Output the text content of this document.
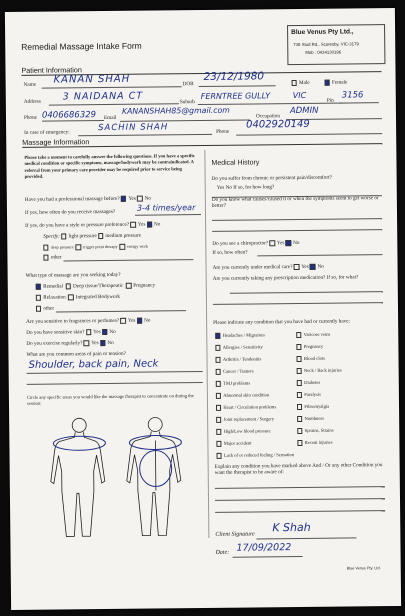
Remedial Massage Intake Form
Blue Venus Pty Ltd.,
735 Stud Rd., Scoresby, VIC-3179
Mob : 0434130196
Patient Information
Name KANAN SHAH	DOB
23/12/1980	Male	Female
Address 3 NAIDANA CT	Suburb
FERNTREE GULLY	VIC
Pin
3156
Phone 0406686329 Email
KANANSHAH85@gmail.com
Occupation
ADMIN
In case of emergency:	SACHIN SHAH	Phone
0402920149
Massage Information
Please take a moment to carefully answer the following questions. If you have a specific medical condition or specific symptoms, massage/bodywork may be contraindicated. A referral from your primary care provider may be required prior to service being provided.
Have you had a professional massage before? Yes No
If yes, how often do you receive massages?	3-4 times/year
If yes, do you have a style or pressure preference? Yes No
Specify: light pressure medium pressure
deep pressure trigger point therapy energy work
other
What type of massage are you seeking today?
Remedial Deep tissue/Therapeutic Pregnancy
Relaxation Integrated Bodywork
other
Are you sensitive to fragrances or perfumes? Yes No
Do you have sensitive skin? Yes No
Do you exercise regularly? Yes No
What are you common areas of pain or tension?
Shoulder, back pain, Neck
Circle any specific areas you would like the massage therapist to concentrate on during the session:
Medical History
Do you suffer from chronic or persistent pain/discomfort?
Yes No If so, for how long?
Do you know what causes/caused it or when the symptoms seem to get worse or better?
Do you see a chiropractor? Yes No
If so, how often?
Are you currently under medical care? Yes No
Are you currently taking any prescription medication? If so, for what?
Please indicate any condition that you have had or currently have:
Headaches / Migraines
Allergies / Sensitivity
Arthritis / Tendonitis
Cancer / Tumors
TMJ problems
Abnormal skin condition
Heart / Circulation problems
Joint replacement / Surgery
High/Low blood pressure
Major accident
Lack of or reduced feeling / Sensation
Varicose veins
Pregnancy
Blood clots
Neck / Back injuries
Diabetes
Paralysis
Fibromyalgia
Numbness
Sprains, Strains
Recent injuries
Explain any condition you have marked above And / Or any other Condition you want the therapist to be aware of:
Client Signature
K Shah
Date: 17/09/2022
Blue Venus Pty. Ltd.
